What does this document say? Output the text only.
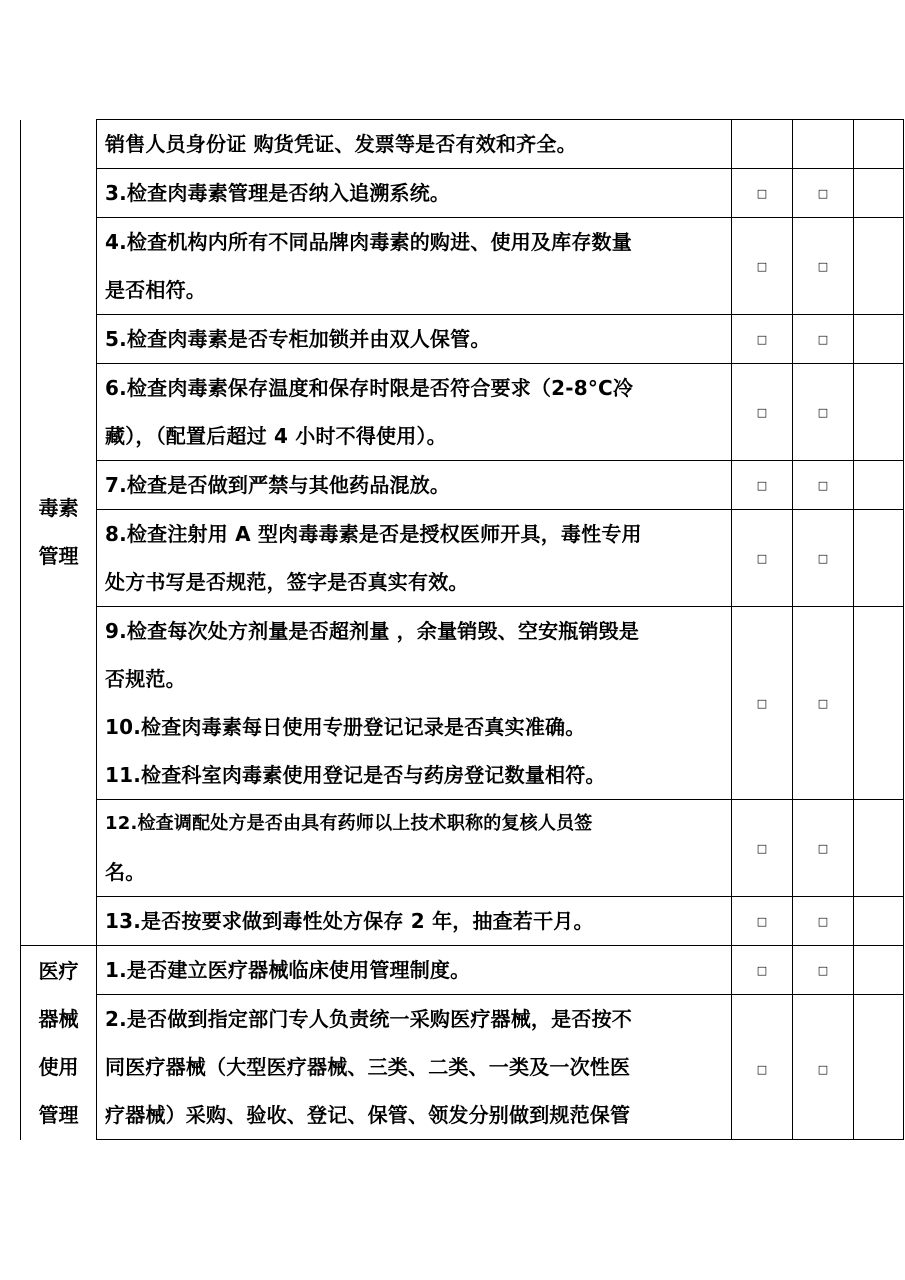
毒素
管理	销售人员身份证 购货凭证、发票等是否有效和齐全。			

	3.检查肉毒素管理是否纳入追溯系统。	□	□	

	4.检查机构内所有不同品牌肉毒素的购进、使用及库存数量
是否相符。	□	□	

	5.检查肉毒素是否专柜加锁并由双人保管。	□	□	

	6.检查肉毒素保存温度和保存时限是否符合要求（2-8°C冷
藏），（配置后超过 4 小时不得使用）。	□	□	

	7.检查是否做到严禁与其他药品混放。	□	□	

	8.检查注射用 A 型肉毒毒素是否是授权医师开具，毒性专用
处方书写是否规范，签字是否真实有效。	□	□	

	9.检查每次处方剂量是否超剂量 ，余量销毁、空安瓶销毁是
否规范。
10.检查肉毒素每日使用专册登记记录是否真实准确。
11.检查科室肉毒素使用登记是否与药房登记数量相符。	□	□	

	12.检查调配处方是否由具有药师以上技术职称的复核人员签
名。	□	□	

	13.是否按要求做到毒性处方保存 2 年，抽查若干月。	□	□	

医疗
器械
使用
管理	1.是否建立医疗器械临床使用管理制度。	□	□	

	2.是否做到指定部门专人负责统一采购医疗器械，是否按不
同医疗器械（大型医疗器械、三类、二类、一类及一次性医
疗器械）采购、验收、登记、保管、领发分别做到规范保管	□	□	
